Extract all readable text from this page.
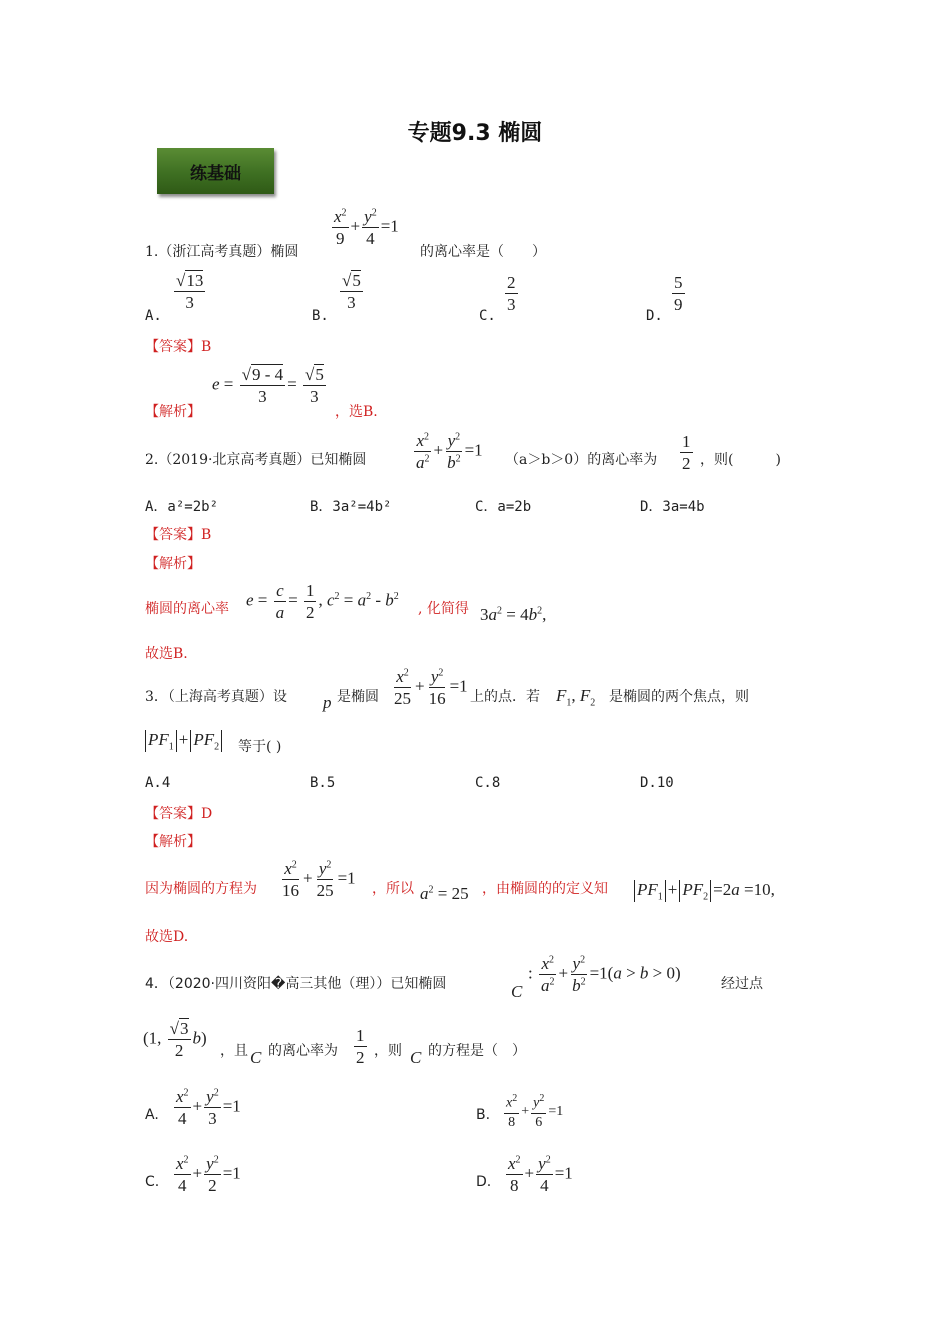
专题9.3 椭圆
练基础
1.（浙江高考真题）椭圆
$\frac{x^2}{9} + \frac{y^2}{4} =1$
的离心率是（　　）
A.
$\frac{√13}{3}$
B.
$\frac{√5}{3}$
C.
$\frac{2}{3}$
D.
$\frac{5}{9}$
【答案】B
【解析】
$e = \frac{√9 - 4}{3} = \frac{√5}{3}$
，选B.
2.（2019·北京高考真题）已知椭圆	$\frac{x^2}{a^2} + \frac{y^2}{b^2} =1$
（a＞b＞0）的离心率为 $\frac{1}{2}$ ，则(　　　)
A．a²=2b²	B．3a²=4b²	C．a=2b	D．3a=4b
【答案】B
【解析】
椭圆的离心率 $e = \frac{c}{a} = \frac{1}{2}$ , $c^2 = a^2 - b^2$
, 化简得 $3a^2 = 4b^2$,
故选B.
3．（上海高考真题）设 p 是椭圆 $\frac{x^2}{25} + \frac{y^2}{16} =1$
上的点．若 $F_1$, $F_2$ 是椭圆的两个焦点，则
$PF_1 + PF_2$	等于( )
A.4	B.5	C.8	D.10
【答案】D
【解析】
因为椭圆的方程为 $\frac{x^2}{16} + \frac{y^2}{25} =1$
，所以 $a^2 = 25$ ，由椭圆的的定义知 $PF_1 + PF_2 =2a =10$,
故选D.
4．（2020·四川资阳�高三其他（理））已知椭圆	C
: $\frac{x^2}{a^2} + \frac{y^2}{b^2} =1(a > b > 0)$
经过点
(1, $\frac{√3}{2} b$)
，且 C 的离心率为 $\frac{1}{2}$ ，则 C 的方程是（　）
A. $\frac{x^2}{4} + \frac{y^2}{3} =1$	B. $\frac{x^2}{8} + \frac{y^2}{6} =1$
C. $\frac{x^2}{4} + \frac{y^2}{2} =1$	D. $\frac{x^2}{8} + \frac{y^2}{4} =1$
